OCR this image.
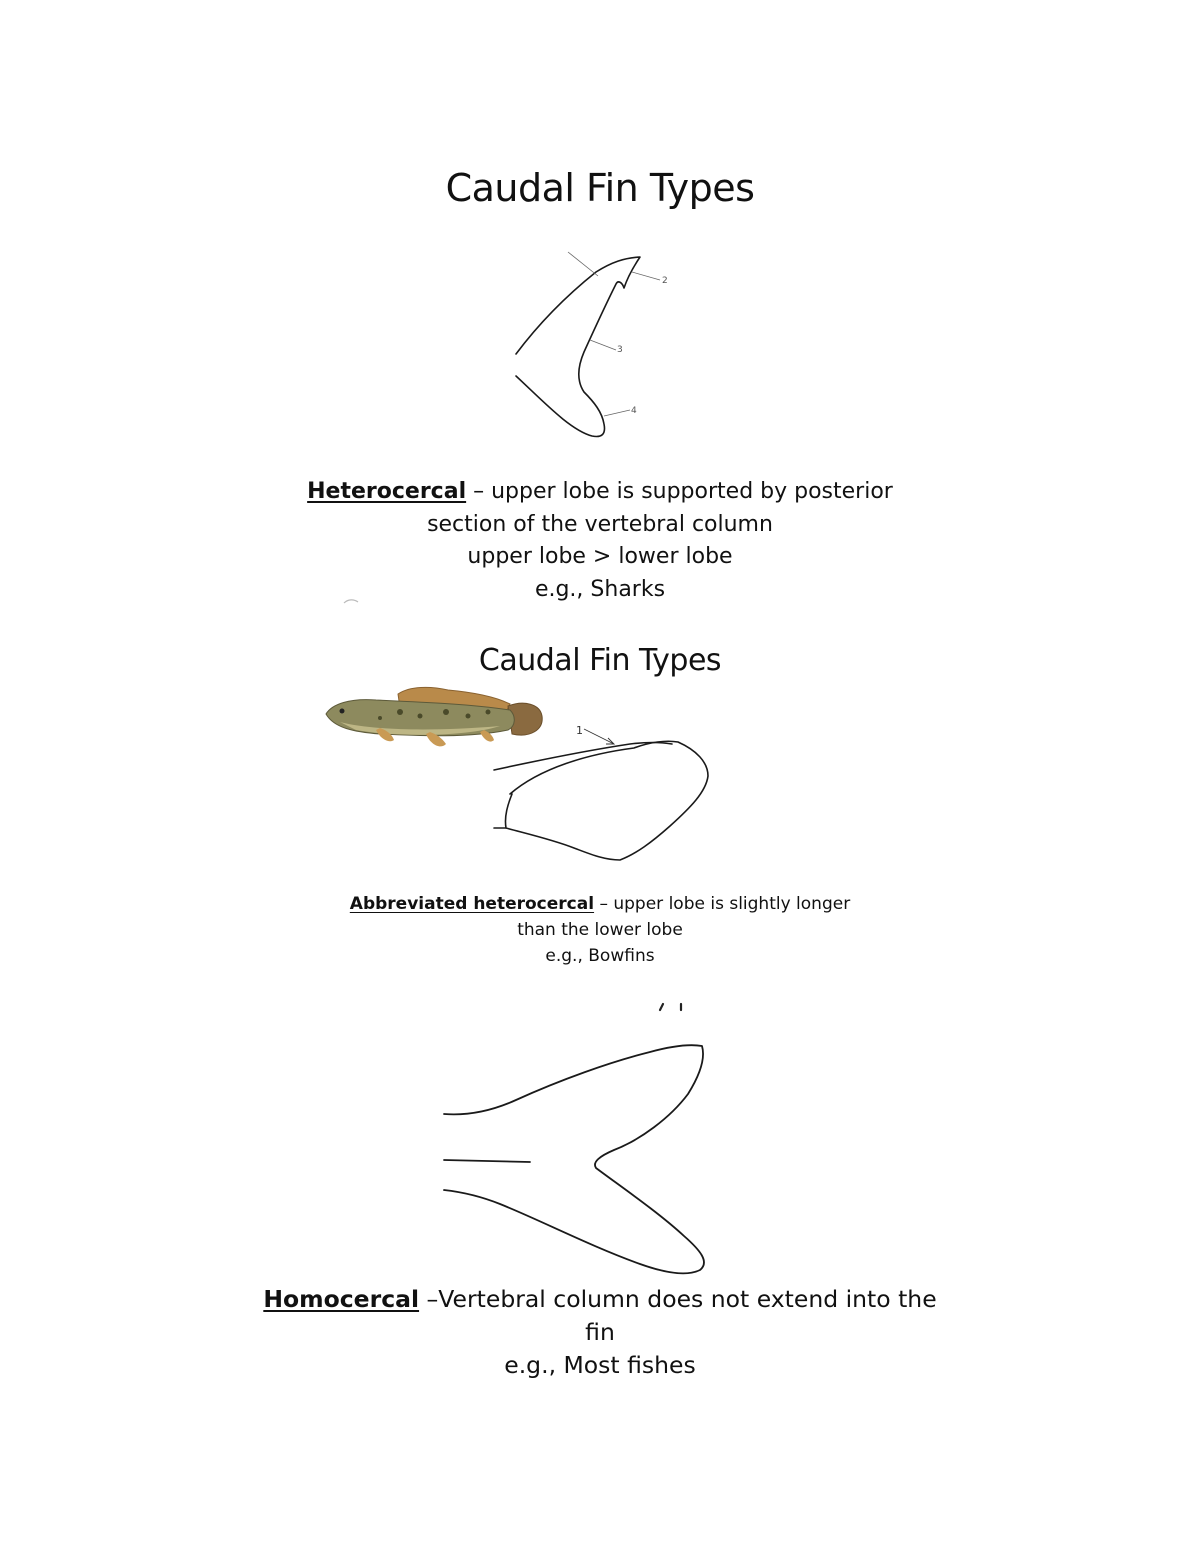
Caudal Fin Types
2
3
4
1
Heterocercal – upper lobe is supported by posterior
section of the vertebral column
upper lobe > lower lobe
e.g., Sharks
Caudal Fin Types
Abbreviated heterocercal – upper lobe is slightly longer
than the lower lobe
e.g., Bowfins
Homocercal –Vertebral column does not extend into the
fin
e.g., Most fishes
